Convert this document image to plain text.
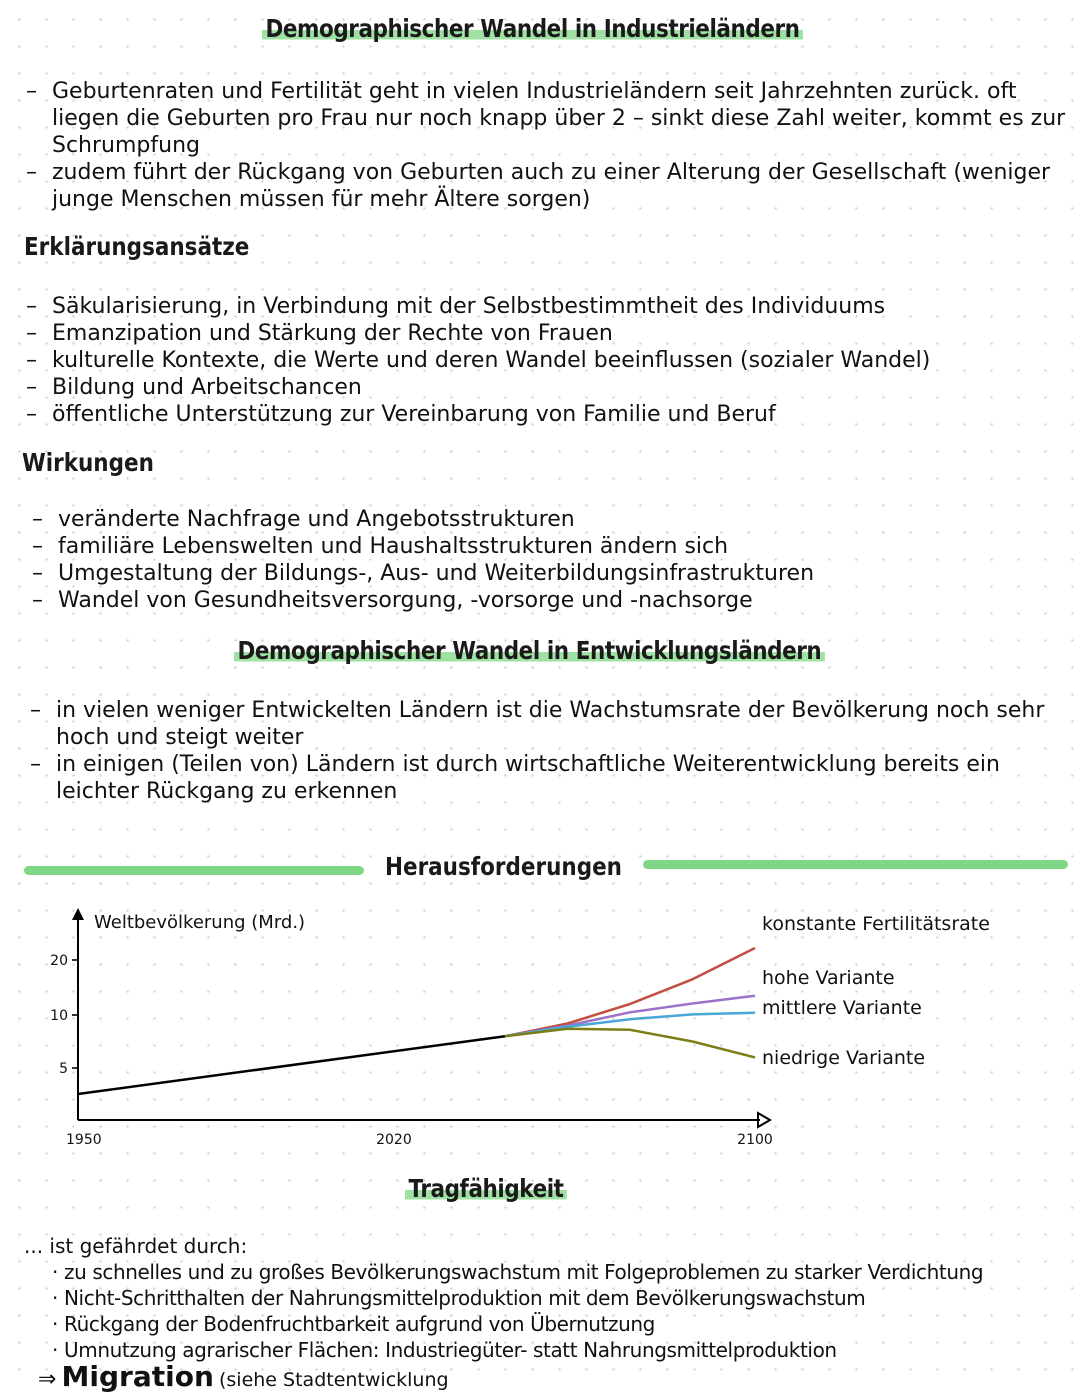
Demographischer Wandel in Industrieländern
– Geburtenraten und Fertilität geht in vielen Industrieländern seit Jahrzehnten zurück. oft liegen die Geburten pro Frau nur noch knapp über 2 – sinkt diese Zahl weiter, kommt es zur Schrumpfung
– zudem führt der Rückgang von Geburten auch zu einer Alterung der Gesellschaft (weniger junge Menschen müssen für mehr Ältere sorgen)
Erklärungsansätze
– Säkularisierung, in Verbindung mit der Selbstbestimmtheit des Individuums
– Emanzipation und Stärkung der Rechte von Frauen
– kulturelle Kontexte, die Werte und deren Wandel beeinflussen (sozialer Wandel)
– Bildung und Arbeitschancen
– öffentliche Unterstützung zur Vereinbarung von Familie und Beruf
Wirkungen
– veränderte Nachfrage und Angebotsstrukturen
– familiäre Lebenswelten und Haushaltsstrukturen ändern sich
– Umgestaltung der Bildungs-, Aus- und Weiterbildungsinfrastrukturen
– Wandel von Gesundheitsversorgung, -vorsorge und -nachsorge
Demographischer Wandel in Entwicklungsländern
– in vielen weniger Entwickelten Ländern ist die Wachstumsrate der Bevölkerung noch sehr hoch und steigt weiter
– in einigen (Teilen von) Ländern ist durch wirtschaftliche Weiterentwicklung bereits ein leichter Rückgang zu erkennen
Herausforderungen
Weltbevölkerung (Mrd.)
5
10
20
1950	2020	2100
konstante Fertilitätsrate
hohe Variante
mittlere Variante
niedrige Variante
Tragfähigkeit
... ist gefährdet durch:
· zu schnelles und zu großes Bevölkerungswachstum mit Folgeproblemen zu starker Verdichtung
· Nicht-Schritthalten der Nahrungsmittelproduktion mit dem Bevölkerungswachstum
· Rückgang der Bodenfruchtbarkeit aufgrund von Übernutzung
· Umnutzung agrarischer Flächen: Industriegüter- statt Nahrungsmittelproduktion
⇒ Migration (siehe Stadtentwicklung
